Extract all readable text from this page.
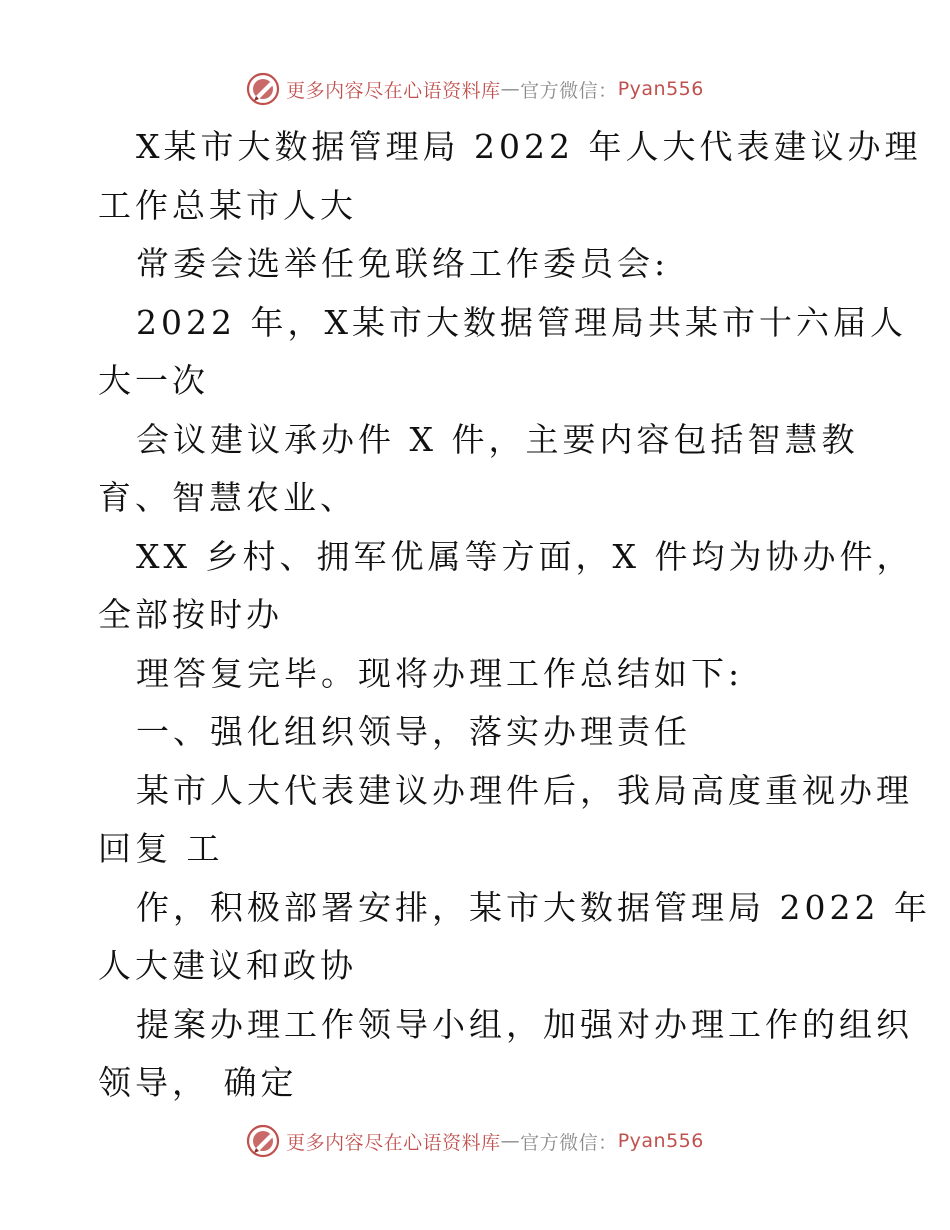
更多内容尽在心语资料库 — 官方微信： Pyan556
X某市大数据管理局 2022 年人大代表建议办理
工作总某市人大
常委会选举任免联络工作委员会:
2022 年，X某市大数据管理局共某市十六届人
大一次
会议建议承办件 X 件，主要内容包括智慧教
育、智慧农业、
XX 乡村、拥军优属等方面，X 件均为协办件，
全部按时办
理答复完毕。现将办理工作总结如下:
一、强化组织领导，落实办理责任
某市人大代表建议办理件后，我局高度重视办理
回复 工
作，积极部署安排，某市大数据管理局 2022 年
人大建议和政协
提案办理工作领导小组，加强对办理工作的组织
领导， 确定
更多内容尽在心语资料库 — 官方微信： Pyan556
